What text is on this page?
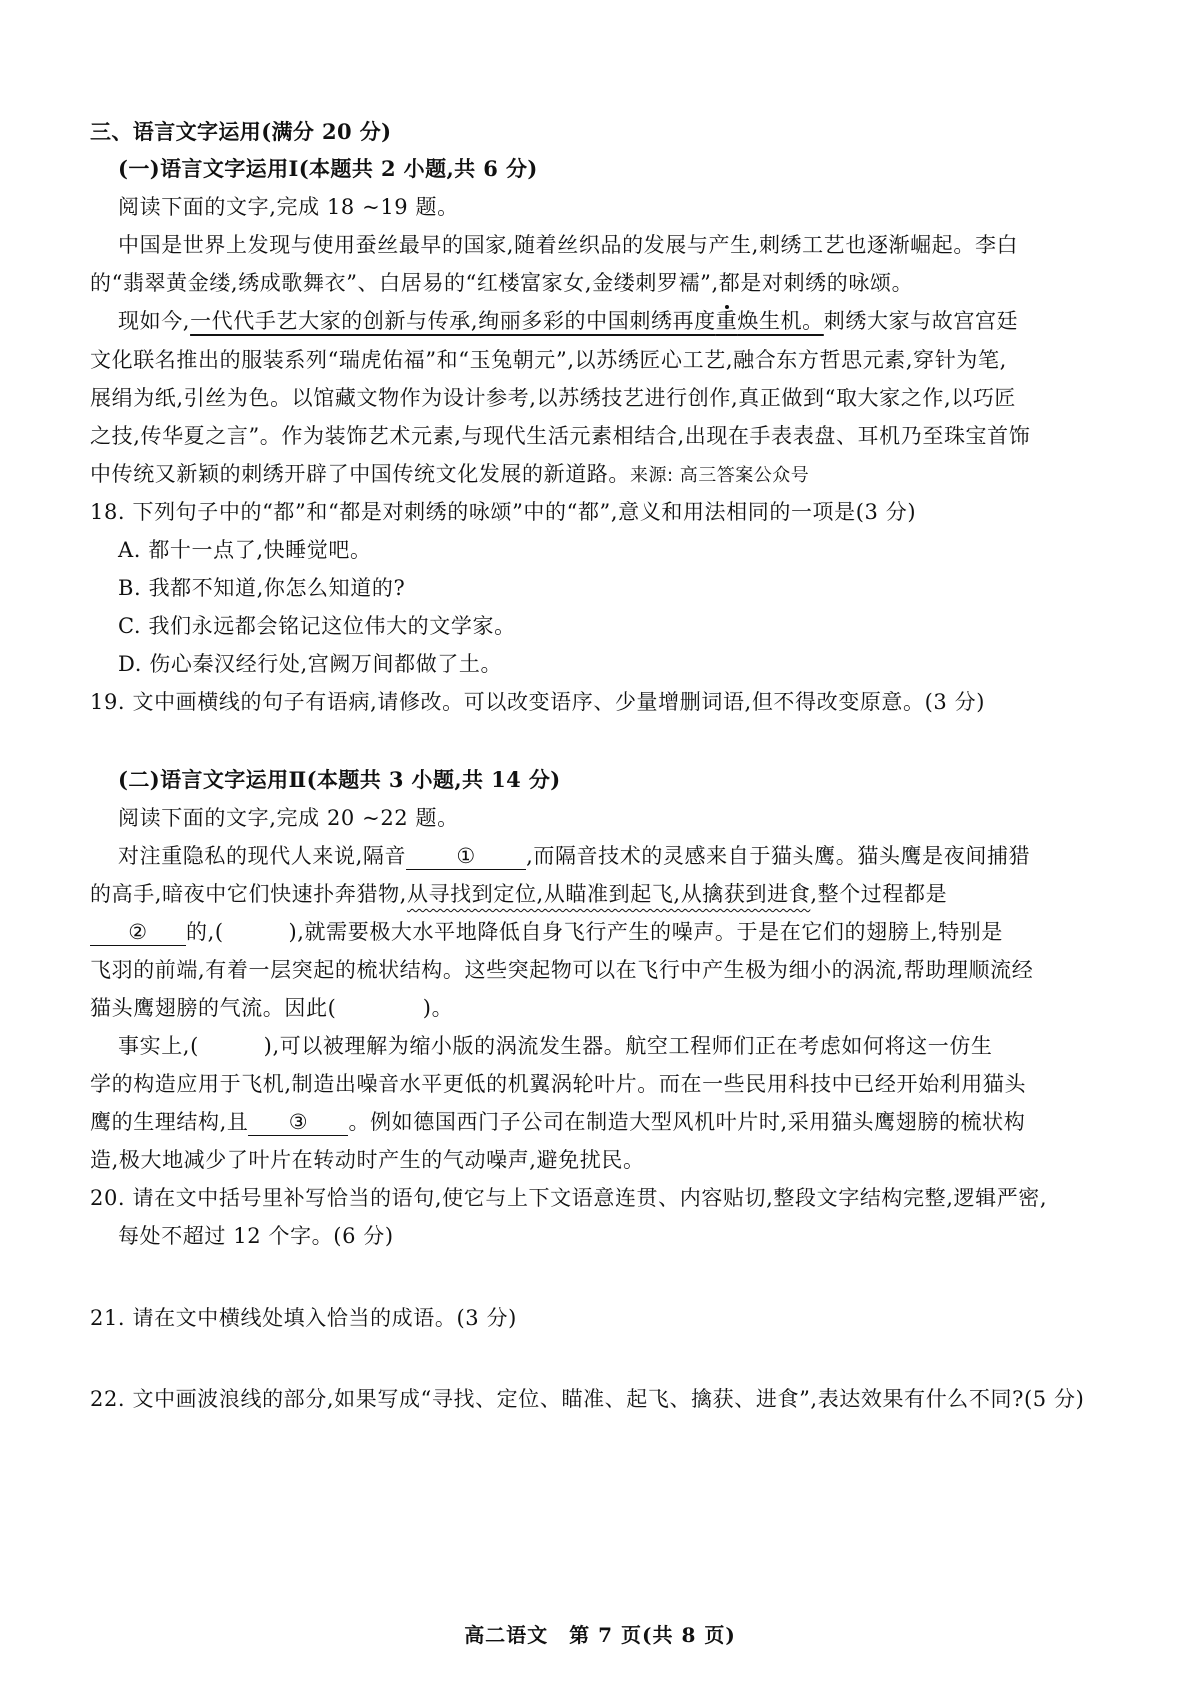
三、语言文字运用(满分 20 分)
(一)语言文字运用Ⅰ(本题共 2 小题,共 6 分)
阅读下面的文字,完成 18 ~19 题。
中国是世界上发现与使用蚕丝最早的国家,随着丝织品的发展与产生,刺绣工艺也逐渐崛起。李白
的“翡翠黄金缕,绣成歌舞衣”、白居易的“红楼富家女,金缕刺罗襦”,都是对刺绣的咏颂。
现如今,一代代手艺大家的创新与传承,绚丽多彩的中国刺绣再度重焕生机。刺绣大家与故宫宫廷
文化联名推出的服装系列“瑞虎佑福”和“玉兔朝元”,以苏绣匠心工艺,融合东方哲思元素,穿针为笔,
展绢为纸,引丝为色。以馆藏文物作为设计参考,以苏绣技艺进行创作,真正做到“取大家之作,以巧匠
之技,传华夏之言”。作为装饰艺术元素,与现代生活元素相结合,出现在手表表盘、耳机乃至珠宝首饰
中传统又新颖的刺绣开辟了中国传统文化发展的新道路。来源: 高三答案公众号
18. 下列句子中的“都”和“都是对刺绣的咏颂”中的“都”,意义和用法相同的一项是(3 分)
A. 都十一点了,快睡觉吧。
B. 我都不知道,你怎么知道的?
C. 我们永远都会铭记这位伟大的文学家。
D. 伤心秦汉经行处,宫阙万间都做了土。
19. 文中画横线的句子有语病,请修改。可以改变语序、少量增删词语,但不得改变原意。(3 分)
(二)语言文字运用Ⅱ(本题共 3 小题,共 14 分)
阅读下面的文字,完成 20 ~22 题。
对注重隐私的现代人来说,隔音 ① ,而隔音技术的灵感来自于猫头鹰。猫头鹰是夜间捕猎
的高手,暗夜中它们快速扑奔猎物,从寻找到定位,从瞄准到起飞,从擒获到进食,整个过程都是
② 的,(　　　),就需要极大水平地降低自身飞行产生的噪声。于是在它们的翅膀上,特别是
飞羽的前端,有着一层突起的梳状结构。这些突起物可以在飞行中产生极为细小的涡流,帮助理顺流经
猫头鹰翅膀的气流。因此(　　　　)。
事实上,(　　　),可以被理解为缩小版的涡流发生器。航空工程师们正在考虑如何将这一仿生
学的构造应用于飞机,制造出噪音水平更低的机翼涡轮叶片。而在一些民用科技中已经开始利用猫头
鹰的生理结构,且 ③ 。例如德国西门子公司在制造大型风机叶片时,采用猫头鹰翅膀的梳状构
造,极大地减少了叶片在转动时产生的气动噪声,避免扰民。
20. 请在文中括号里补写恰当的语句,使它与上下文语意连贯、内容贴切,整段文字结构完整,逻辑严密,
每处不超过 12 个字。(6 分)
21. 请在文中横线处填入恰当的成语。(3 分)
22. 文中画波浪线的部分,如果写成“寻找、定位、瞄准、起飞、擒获、进食”,表达效果有什么不同?(5 分)
高二语文　第 7 页(共 8 页)
